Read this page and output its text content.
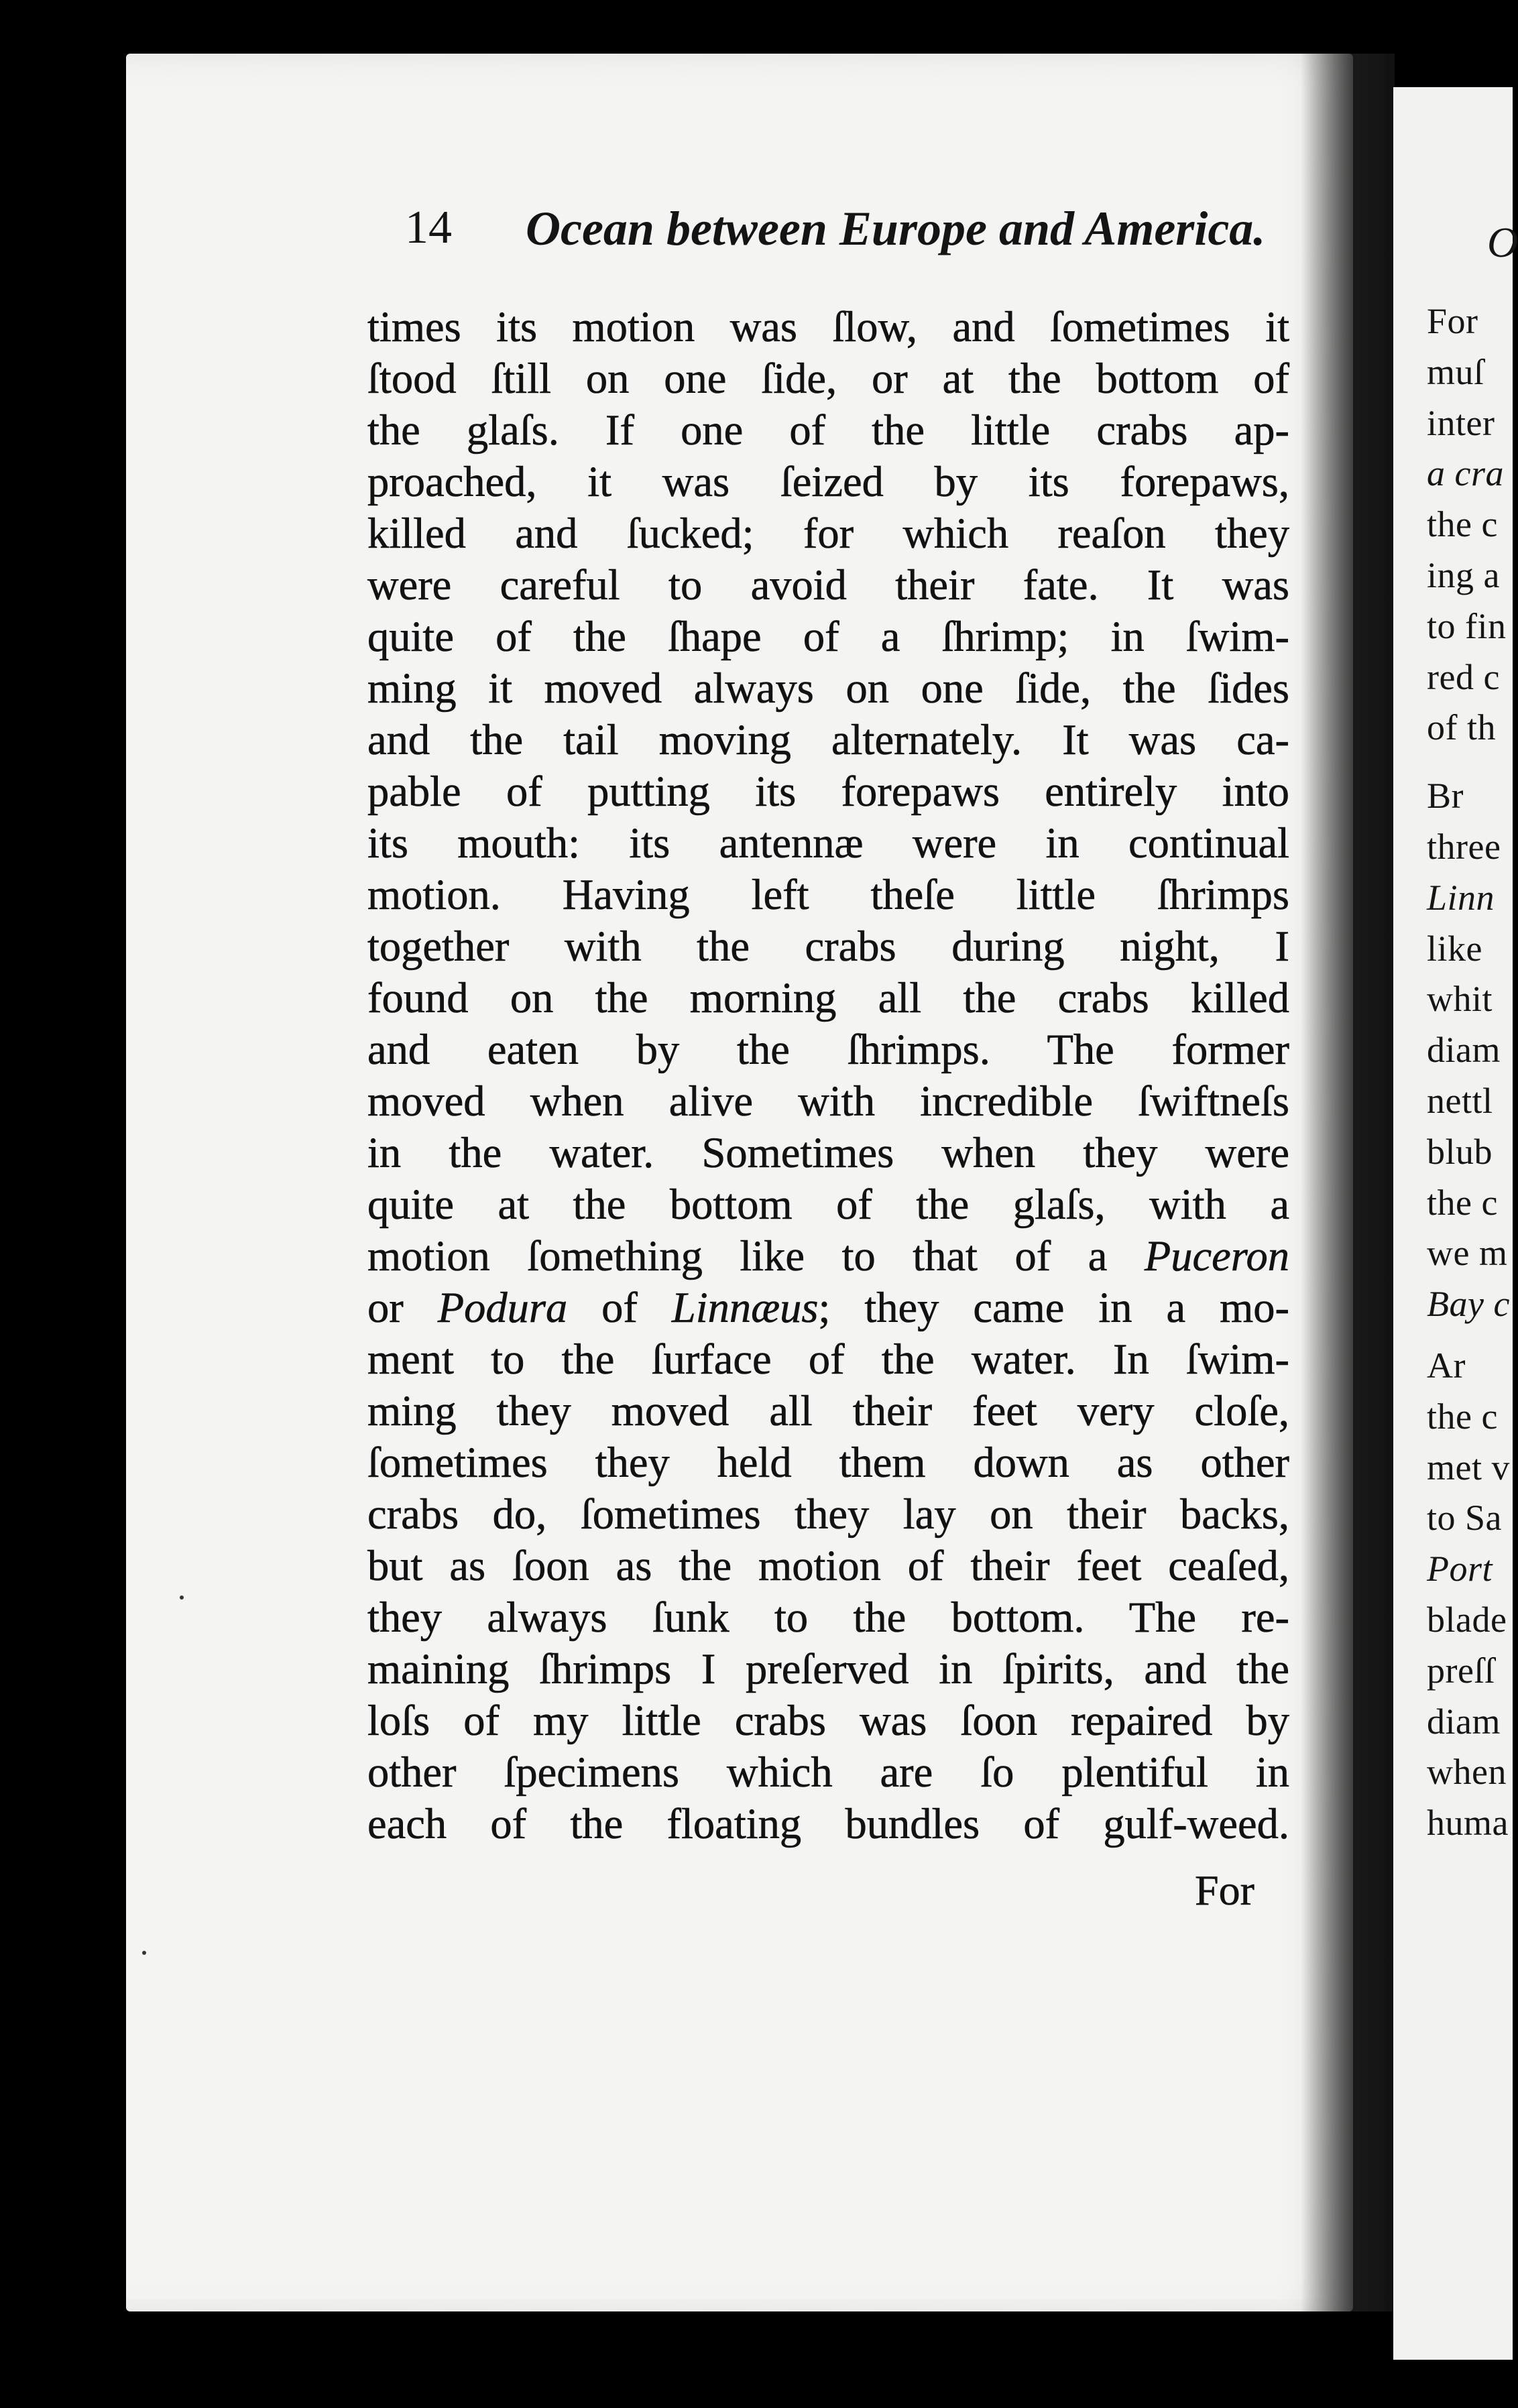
14 Ocean between Europe and America.
times its motion was ſlow, and ſometimes it
ſtood ſtill on one ſide, or at the bottom of
the glaſs. If one of the little crabs ap-
proached, it was ſeized by its forepaws,
killed and ſucked; for which reaſon they
were careful to avoid their fate. It was
quite of the ſhape of a ſhrimp; in ſwim-
ming it moved always on one ſide, the ſides
and the tail moving alternately. It was ca-
pable of putting its forepaws entirely into
its mouth: its antennæ were in continual
motion. Having left theſe little ſhrimps
together with the crabs during night, I
found on the morning all the crabs killed
and eaten by the ſhrimps. The former
moved when alive with incredible ſwiftneſs
in the water. Sometimes when they were
quite at the bottom of the glaſs, with a
motion ſomething like to that of a Puceron
or Podura of Linnæus; they came in a mo-
ment to the ſurface of the water. In ſwim-
ming they moved all their feet very cloſe,
ſometimes they held them down as other
crabs do, ſometimes they lay on their backs,
but as ſoon as the motion of their feet ceaſed,
they always ſunk to the bottom. The re-
maining ſhrimps I preſerved in ſpirits, and the
loſs of my little crabs was ſoon repaired by
other ſpecimens which are ſo plentiful in
each of the floating bundles of gulf-weed.
For
O
For
muſ
inter
a cra
the c
ing a
to fin
red c
of th
Br
three
Linn
like
whit
diam
nettl
blub
the c
we m
Bay c
Ar
the c
met v
to Sa
Port
blade
preſſ
diam
when
huma
